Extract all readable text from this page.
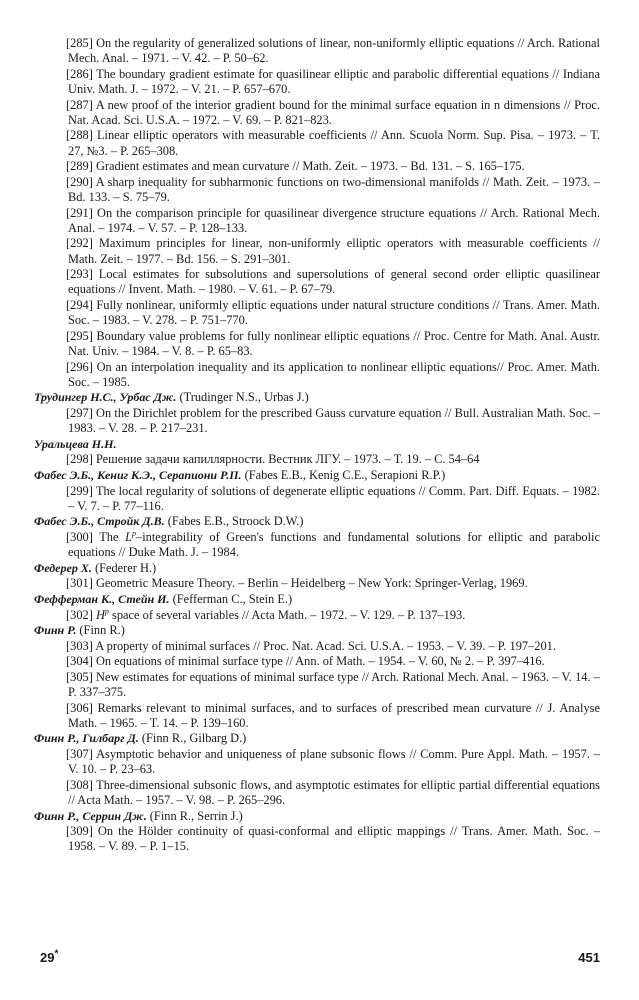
[285] On the regularity of generalized solutions of linear, non-uniformly elliptic equations // Arch. Rational Mech. Anal. – 1971. – V. 42. – P. 50–62.

[286] The boundary gradient estimate for quasilinear elliptic and parabolic differential equations // Indiana Univ. Math. J. – 1972. – V. 21. – P. 657–670.

[287] A new proof of the interior gradient bound for the minimal surface equation in n dimensions // Proc. Nat. Acad. Sci. U.S.A. – 1972. – V. 69. – P. 821–823.

[288] Linear elliptic operators with measurable coefficients // Ann. Scuola Norm. Sup. Pisa. – 1973. – T. 27, №3. – P. 265–308.

[289] Gradient estimates and mean curvature // Math. Zeit. – 1973. – Bd. 131. – S. 165–175.

[290] A sharp inequality for subharmonic functions on two-dimensional manifolds // Math. Zeit. – 1973. – Bd. 133. – S. 75–79.

[291] On the comparison principle for quasilinear divergence structure equations // Arch. Rational Mech. Anal. – 1974. – V. 57. – P. 128–133.

[292] Maximum principles for linear, non-uniformly elliptic operators with measurable coefficients // Math. Zeit. – 1977. – Bd. 156. – S. 291–301.

[293] Local estimates for subsolutions and supersolutions of general second order elliptic quasilinear equations // Invent. Math. – 1980. – V. 61. – P. 67–79.

[294] Fully nonlinear, uniformly elliptic equations under natural structure conditions // Trans. Amer. Math. Soc. – 1983. – V. 278. – P. 751–770.

[295] Boundary value problems for fully nonlinear elliptic equations // Proc. Centre for Math. Anal. Austr. Nat. Univ. – 1984. – V. 8. – P. 65–83.

[296] On an interpolation inequality and its application to nonlinear elliptic equations// Proc. Amer. Math. Soc. – 1985.

Трудингер Н.С., Урбас Дж. (Trudinger N.S., Urbas J.)

[297] On the Dirichlet problem for the prescribed Gauss curvature equation // Bull. Australian Math. Soc. – 1983. – V. 28. – P. 217–231.

Уральцева Н.Н.

[298] Решение задачи капиллярности. Вестник ЛГУ. – 1973. – Т. 19. – С. 54–64

Фабес Э.Б., Кениг К.Э., Серапиони Р.П. (Fabes E.B., Kenig C.E., Serapioni R.P.)

[299] The local regularity of solutions of degenerate elliptic equations // Comm. Part. Diff. Equats. – 1982. – V. 7. – P. 77–116.

Фабес Э.Б., Стройк Д.В. (Fabes E.B., Stroock D.W.)

[300] The $L^p$–integrability of Green's functions and fundamental solutions for elliptic and parabolic equations // Duke Math. J. – 1984.

Федерер Х. (Federer H.)

[301] Geometric Measure Theory. – Berlin – Heidelberg – New York: Springer-Verlag, 1969.

Фефферман К., Стейн И. (Fefferman C., Stein E.)

[302] $H^p$ space of several variables // Acta Math. – 1972. – V. 129. – P. 137–193.

Финн Р. (Finn R.)

[303] A property of minimal surfaces // Proc. Nat. Acad. Sci. U.S.A. – 1953. – V. 39. – P. 197–201.

[304] On equations of minimal surface type // Ann. of Math. – 1954. – V. 60, № 2. – P. 397–416.

[305] New estimates for equations of minimal surface type // Arch. Rational Mech. Anal. – 1963. – V. 14. – P. 337–375.

[306] Remarks relevant to minimal surfaces, and to surfaces of prescribed mean curvature // J. Analyse Math. – 1965. – T. 14. – P. 139–160.

Финн Р., Гилбарг Д. (Finn R., Gilbarg D.)

[307] Asymptotic behavior and uniqueness of plane subsonic flows // Comm. Pure Appl. Math. – 1957. – V. 10. – P. 23–63.

[308] Three-dimensional subsonic flows, and asymptotic estimates for elliptic partial differential equations // Acta Math. – 1957. – V. 98. – P. 265–296.

Финн Р., Серрин Дж. (Finn R., Serrin J.)

[309] On the Hölder continuity of quasi-conformal and elliptic mappings // Trans. Amer. Math. Soc. – 1958. – V. 89. – P. 1–15.

29*	451
